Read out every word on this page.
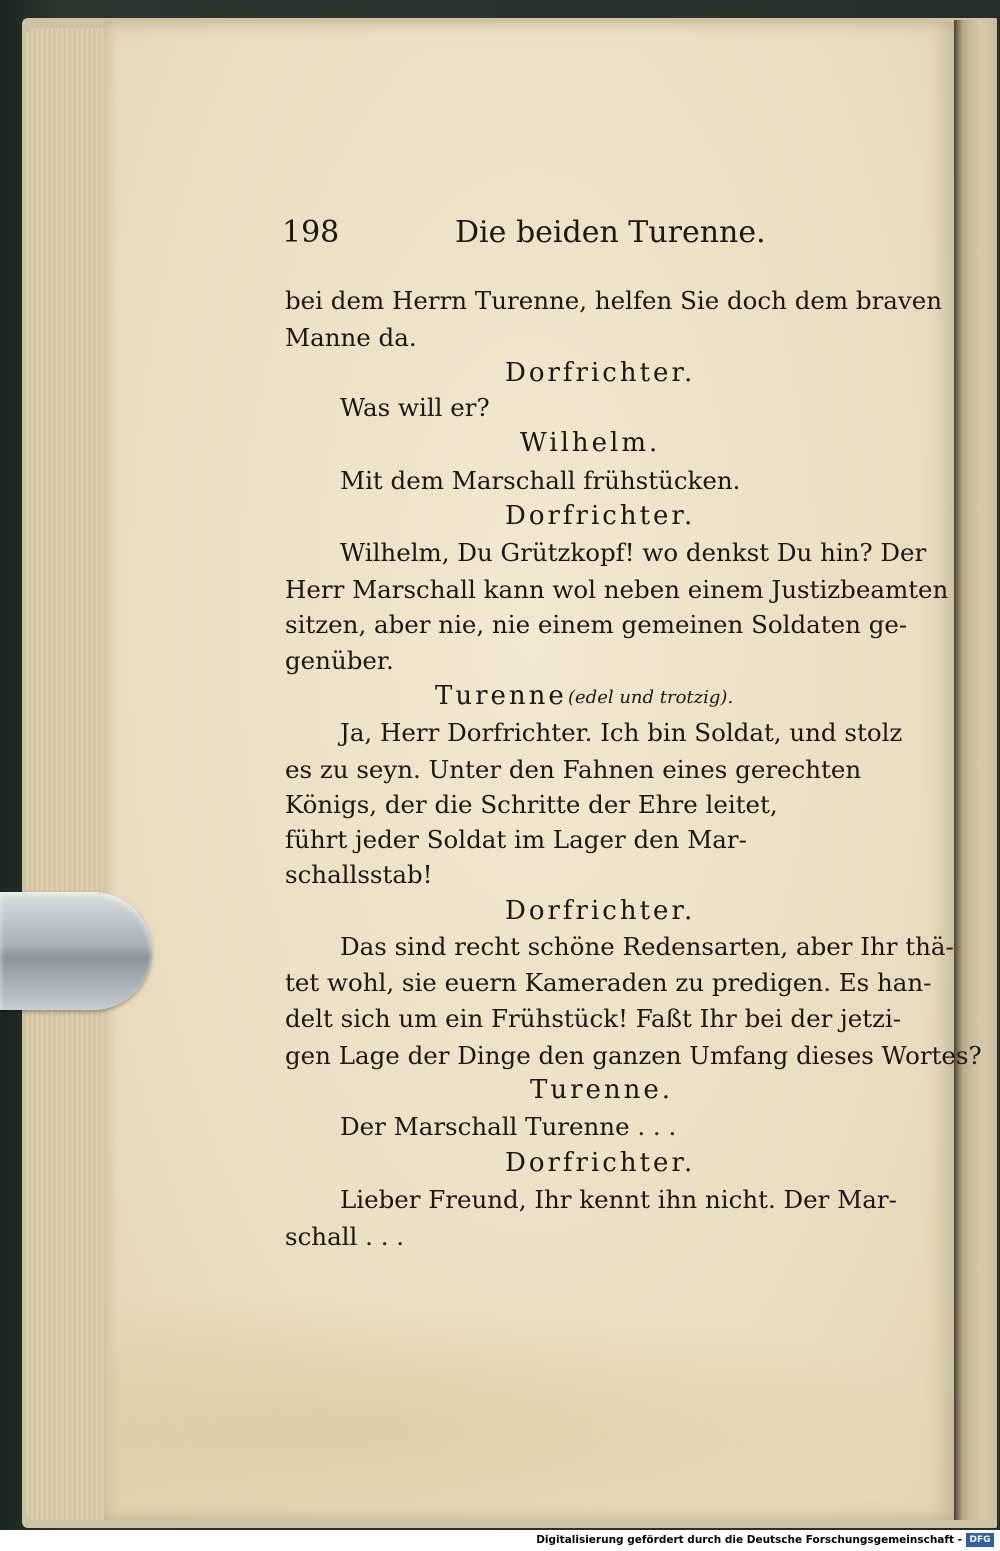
198	Die beiden Turenne.
bei dem Herrn Turenne, helfen Sie doch dem braven
Manne da.
Dorfrichter.
Was will er?
Wilhelm.
Mit dem Marschall frühstücken.
Dorfrichter.
Wilhelm, Du Grützkopf! wo denkst Du hin? Der
Herr Marschall kann wol neben einem Justizbeamten
sitzen, aber nie, nie einem gemeinen Soldaten ge-
genüber.
Turenne (edel und trotzig).
Ja, Herr Dorfrichter. Ich bin Soldat, und stolz
es zu seyn. Unter den Fahnen eines gerechten
Königs, der die Schritte der Ehre leitet,
führt jeder Soldat im Lager den Mar-
schallsstab!
Dorfrichter.
Das sind recht schöne Redensarten, aber Ihr thä-
tet wohl, sie euern Kameraden zu predigen. Es han-
delt sich um ein Frühstück! Faßt Ihr bei der jetzi-
gen Lage der Dinge den ganzen Umfang dieses Wortes?
Turenne.
Der Marschall Turenne . . .
Dorfrichter.
Lieber Freund, Ihr kennt ihn nicht. Der Mar-
schall . . .
Digitalisierung gefördert durch die Deutsche Forschungsgemeinschaft - DFG
